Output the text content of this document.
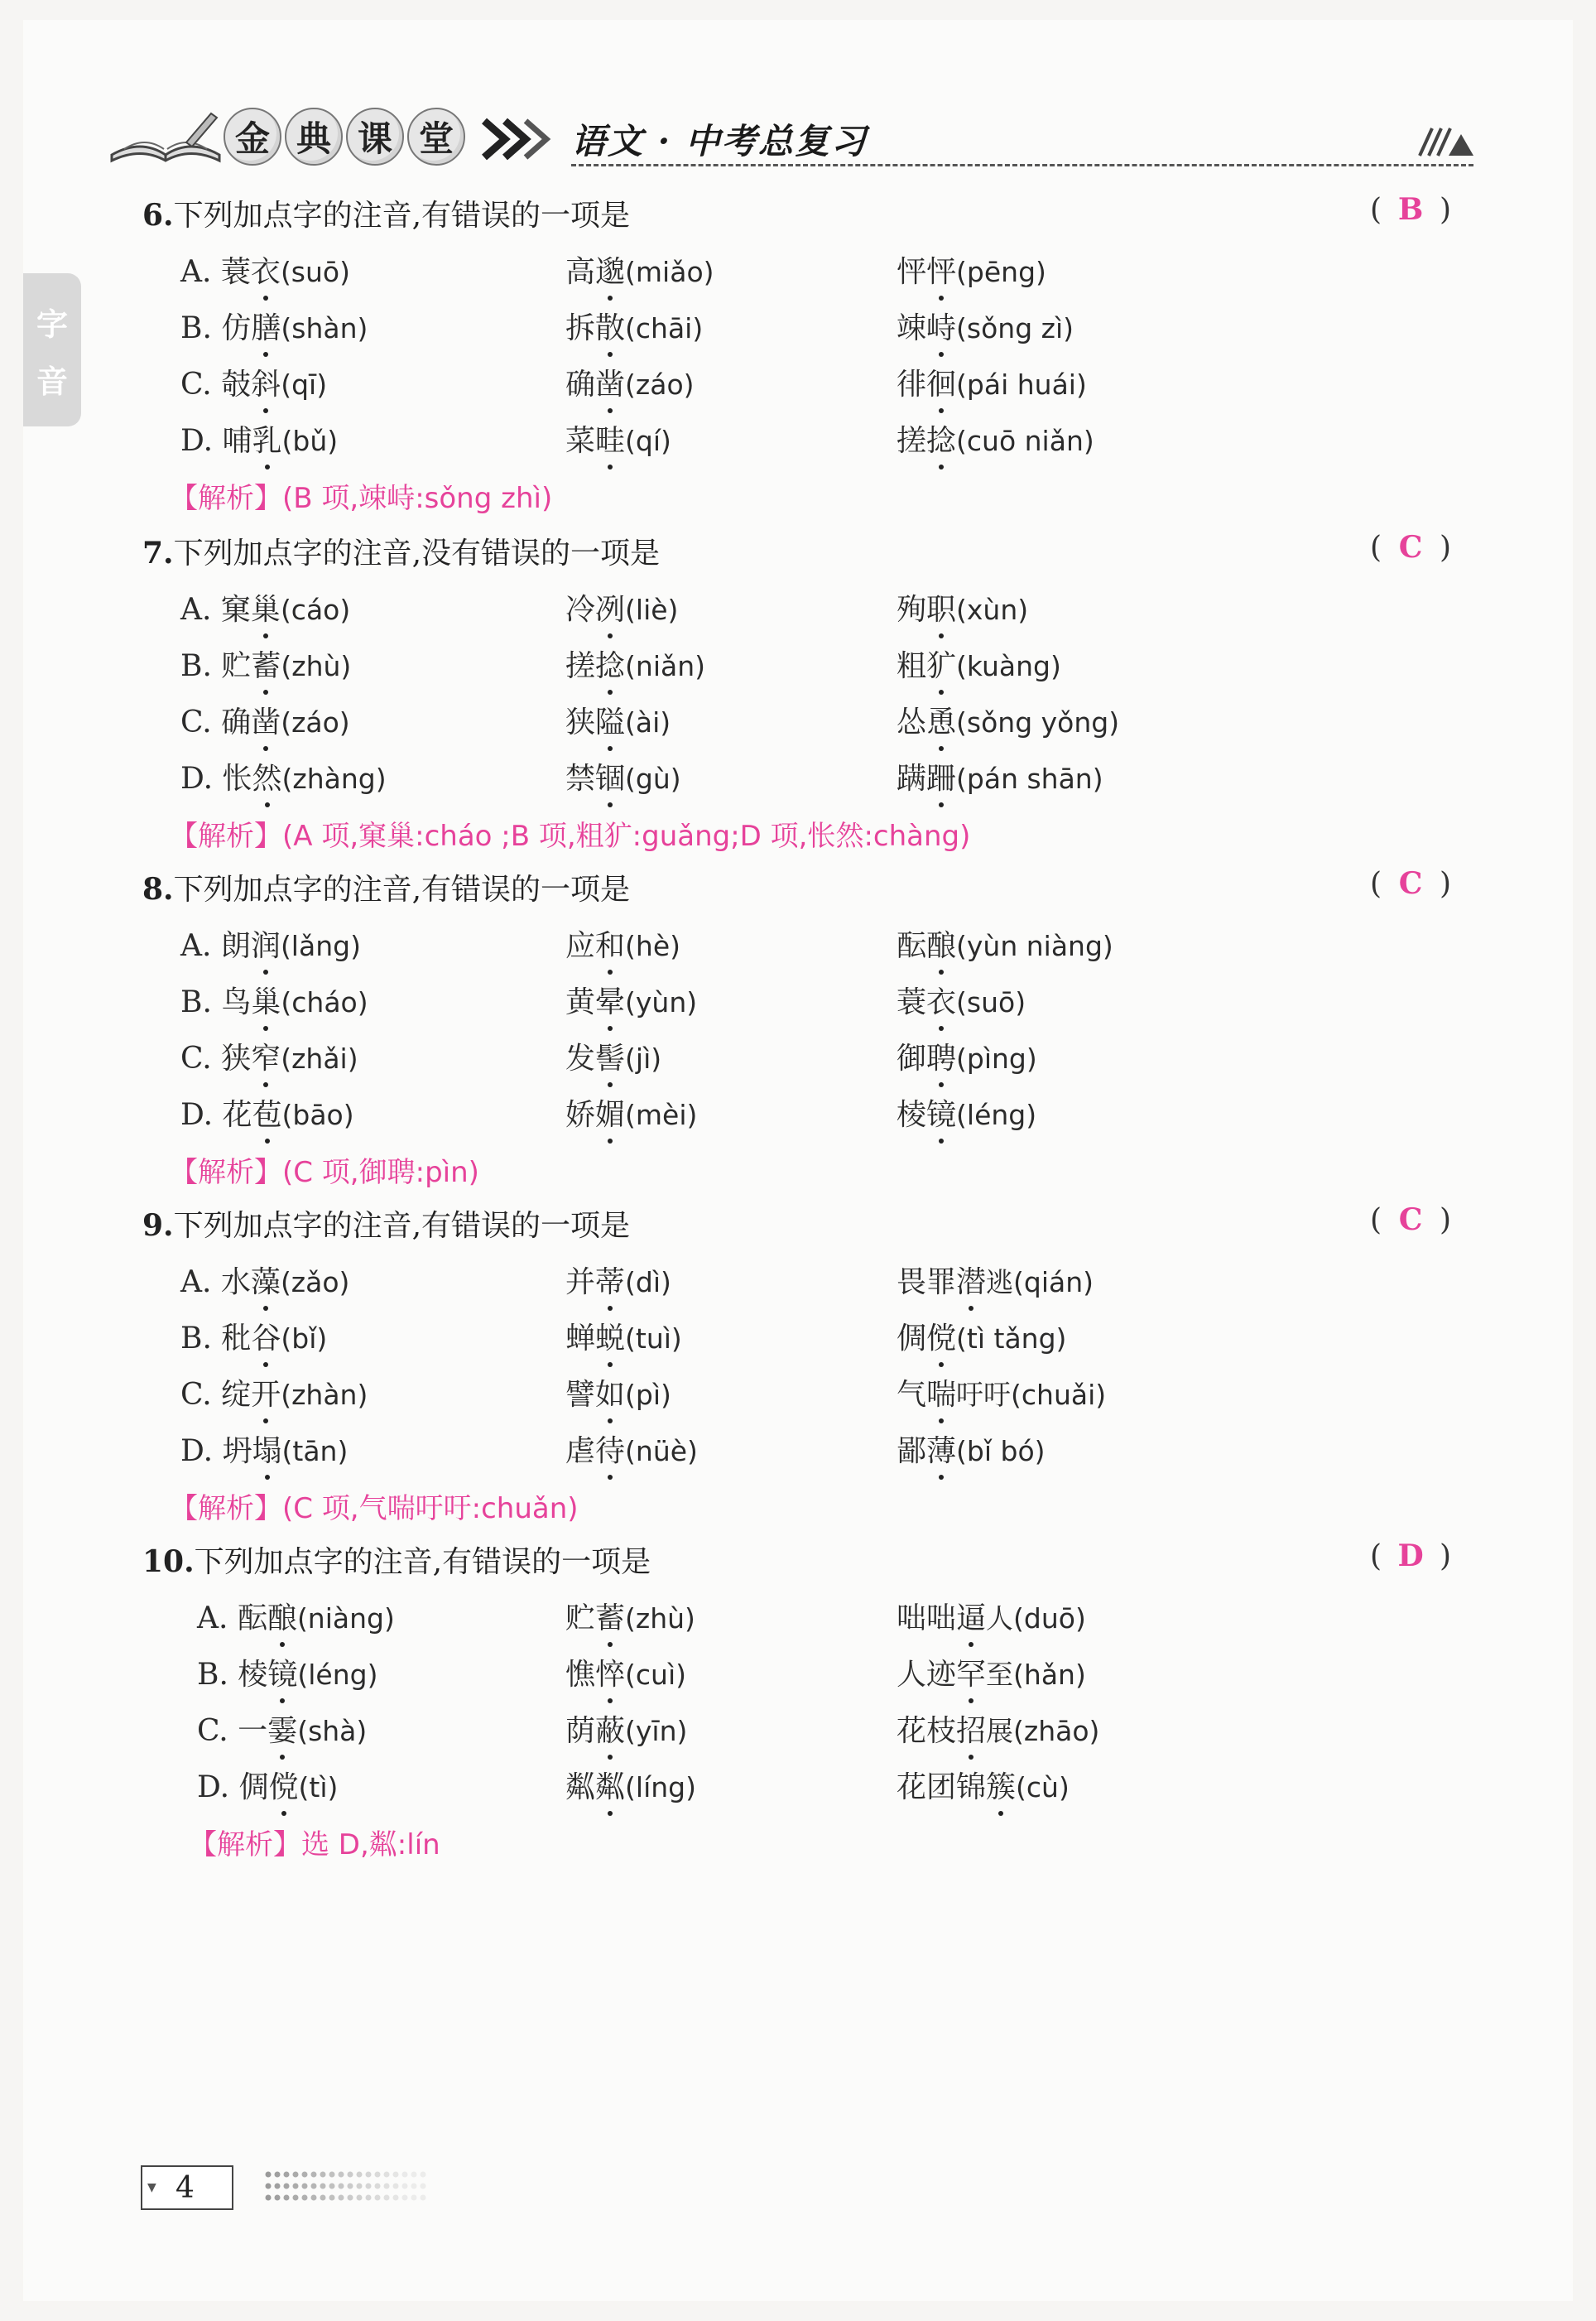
金 典 课 堂	语文 · 中考总复习
字
音
6.下列加点字的注音,有错误的一项是	( B )
A. 蓑衣(suō)	高邈(miǎo)	怦怦(pēng)
B. 仿膳(shàn)	拆散(chāi)	竦峙(sǒng zì)
C. 攲斜(qī)	确凿(záo)	徘徊(pái huái)
D. 哺乳(bǔ)	菜畦(qí)	搓捻(cuō niǎn)
【解析】(B 项,竦峙:sǒng zhì)
7.下列加点字的注音,没有错误的一项是	( C )
A. 窠巢(cáo)	冷冽(liè)	殉职(xùn)
B. 贮蓄(zhù)	搓捻(niǎn)	粗犷(kuàng)
C. 确凿(záo)	狭隘(ài)	怂恿(sǒng yǒng)
D. 怅然(zhàng)	禁锢(gù)	蹒跚(pán shān)
【解析】(A 项,窠巢:cháo ;B 项,粗犷:guǎng;D 项,怅然:chàng)
8.下列加点字的注音,有错误的一项是	( C )
A. 朗润(lǎng)	应和(hè)	酝酿(yùn niàng)
B. 鸟巢(cháo)	黄晕(yùn)	蓑衣(suō)
C. 狭窄(zhǎi)	发髻(jì)	御聘(pìng)
D. 花苞(bāo)	娇媚(mèi)	棱镜(léng)
【解析】(C 项,御聘:pìn)
9.下列加点字的注音,有错误的一项是	( C )
A. 水藻(zǎo)	并蒂(dì)	畏罪潜逃(qián)
B. 秕谷(bǐ)	蝉蜕(tuì)	倜傥(tì tǎng)
C. 绽开(zhàn)	譬如(pì)	气喘吁吁(chuǎi)
D. 坍塌(tān)	虐待(nüè)	鄙薄(bǐ bó)
【解析】(C 项,气喘吁吁:chuǎn)
10.下列加点字的注音,有错误的一项是	( D )
A. 酝酿(niàng)	贮蓄(zhù)	咄咄逼人(duō)
B. 棱镜(léng)	憔悴(cuì)	人迹罕至(hǎn)
C. 一霎(shà)	荫蔽(yīn)	花枝招展(zhāo)
D. 倜傥(tì)	粼粼(líng)	花团锦簇(cù)
【解析】选 D,粼:lín
▼ 4
